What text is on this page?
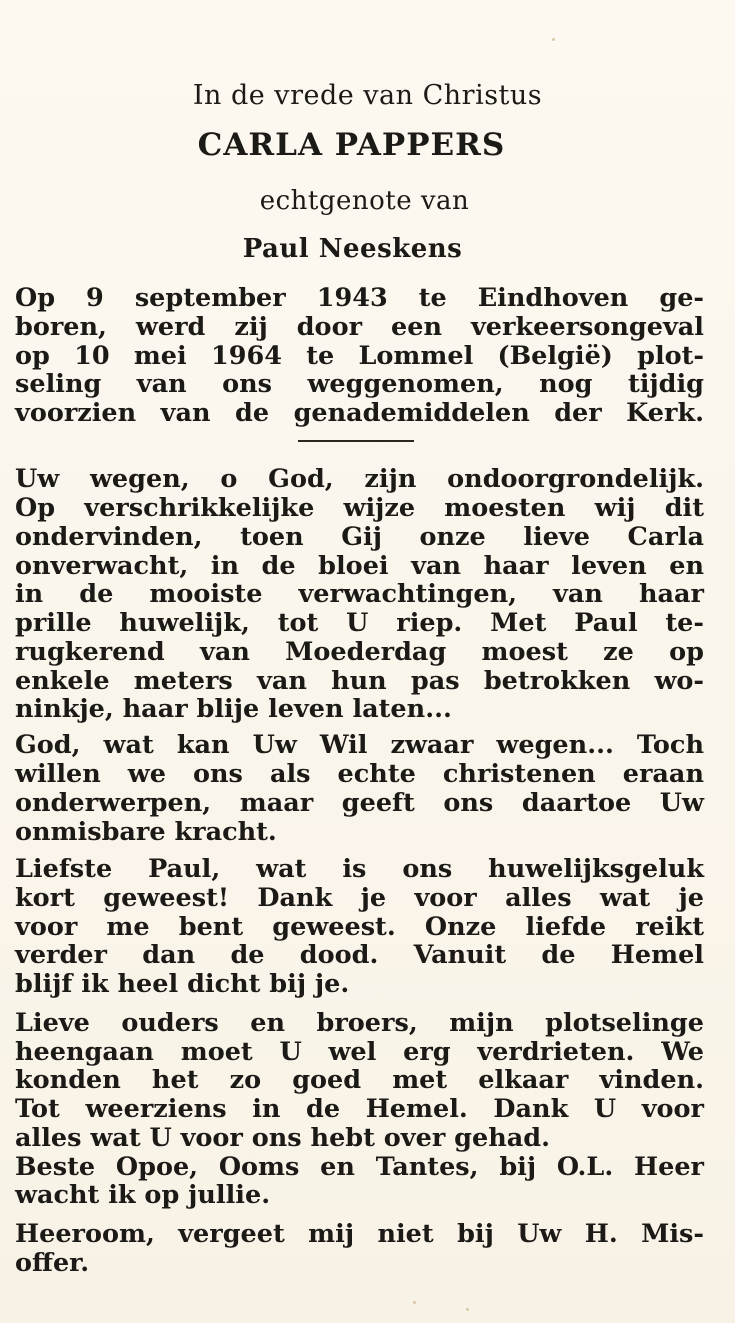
In de vrede van Christus
CARLA PAPPERS
echtgenote van
Paul Neeskens
Op 9 september 1943 te Eindhoven ge-
boren, werd zij door een verkeersongeval
op 10 mei 1964 te Lommel (België) plot-
seling van ons weggenomen, nog tijdig
voorzien van de genademiddelen der Kerk.
Uw wegen, o God, zijn ondoorgrondelijk.
Op verschrikkelijke wijze moesten wij dit
ondervinden, toen Gij onze lieve Carla
onverwacht, in de bloei van haar leven en
in de mooiste verwachtingen, van haar
prille huwelijk, tot U riep. Met Paul te-
rugkerend van Moederdag moest ze op
enkele meters van hun pas betrokken wo-
ninkje, haar blije leven laten...
God, wat kan Uw Wil zwaar wegen... Toch
willen we ons als echte christenen eraan
onderwerpen, maar geeft ons daartoe Uw
onmisbare kracht.
Liefste Paul, wat is ons huwelijksgeluk
kort geweest! Dank je voor alles wat je
voor me bent geweest. Onze liefde reikt
verder dan de dood. Vanuit de Hemel
blijf ik heel dicht bij je.
Lieve ouders en broers, mijn plotselinge
heengaan moet U wel erg verdrieten. We
konden het zo goed met elkaar vinden.
Tot weerziens in de Hemel. Dank U voor
alles wat U voor ons hebt over gehad.
Beste Opoe, Ooms en Tantes, bij O.L. Heer
wacht ik op jullie.
Heeroom, vergeet mij niet bij Uw H. Mis-
offer.
